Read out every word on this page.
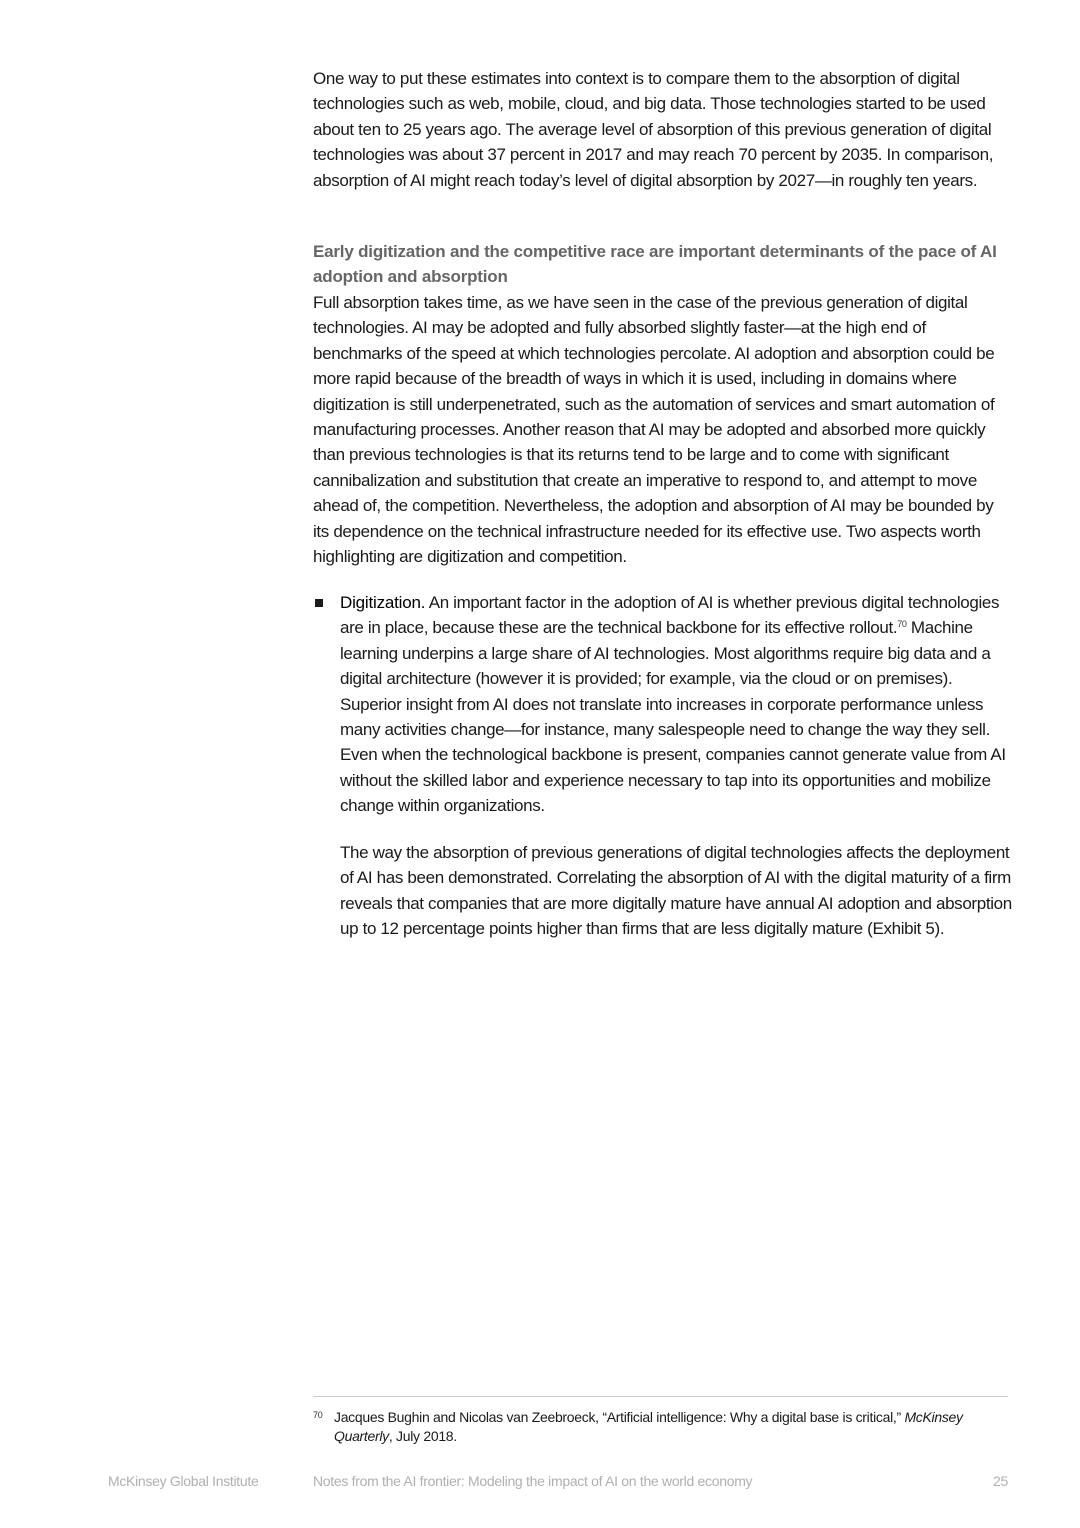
One way to put these estimates into context is to compare them to the absorption of digital technologies such as web, mobile, cloud, and big data. Those technologies started to be used about ten to 25 years ago. The average level of absorption of this previous generation of digital technologies was about 37 percent in 2017 and may reach 70 percent by 2035. In comparison, absorption of AI might reach today’s level of digital absorption by 2027—in roughly ten years.

Early digitization and the competitive race are important determinants of the pace of AI adoption and absorption

Full absorption takes time, as we have seen in the case of the previous generation of digital technologies. AI may be adopted and fully absorbed slightly faster—at the high end of benchmarks of the speed at which technologies percolate. AI adoption and absorption could be more rapid because of the breadth of ways in which it is used, including in domains where digitization is still underpenetrated, such as the automation of services and smart automation of manufacturing processes. Another reason that AI may be adopted and absorbed more quickly than previous technologies is that its returns tend to be large and to come with significant cannibalization and substitution that create an imperative to respond to, and attempt to move ahead of, the competition. Nevertheless, the adoption and absorption of AI may be bounded by its dependence on the technical infrastructure needed for its effective use. Two aspects worth highlighting are digitization and competition.

Digitization. An important factor in the adoption of AI is whether previous digital technologies are in place, because these are the technical backbone for its effective rollout.$^{70}$ Machine learning underpins a large share of AI technologies. Most algorithms require big data and a digital architecture (however it is provided; for example, via the cloud or on premises). Superior insight from AI does not translate into increases in corporate performance unless many activities change—for instance, many salespeople need to change the way they sell. Even when the technological backbone is present, companies cannot generate value from AI without the skilled labor and experience necessary to tap into its opportunities and mobilize change within organizations.

The way the absorption of previous generations of digital technologies affects the deployment of AI has been demonstrated. Correlating the absorption of AI with the digital maturity of a firm reveals that companies that are more digitally mature have annual AI adoption and absorption up to 12 percentage points higher than firms that are less digitally mature (Exhibit 5).

70 Jacques Bughin and Nicolas van Zeebroeck, “Artificial intelligence: Why a digital base is critical,” McKinsey Quarterly, July 2018.

McKinsey Global Institute	Notes from the AI frontier: Modeling the impact of AI on the world economy	25
